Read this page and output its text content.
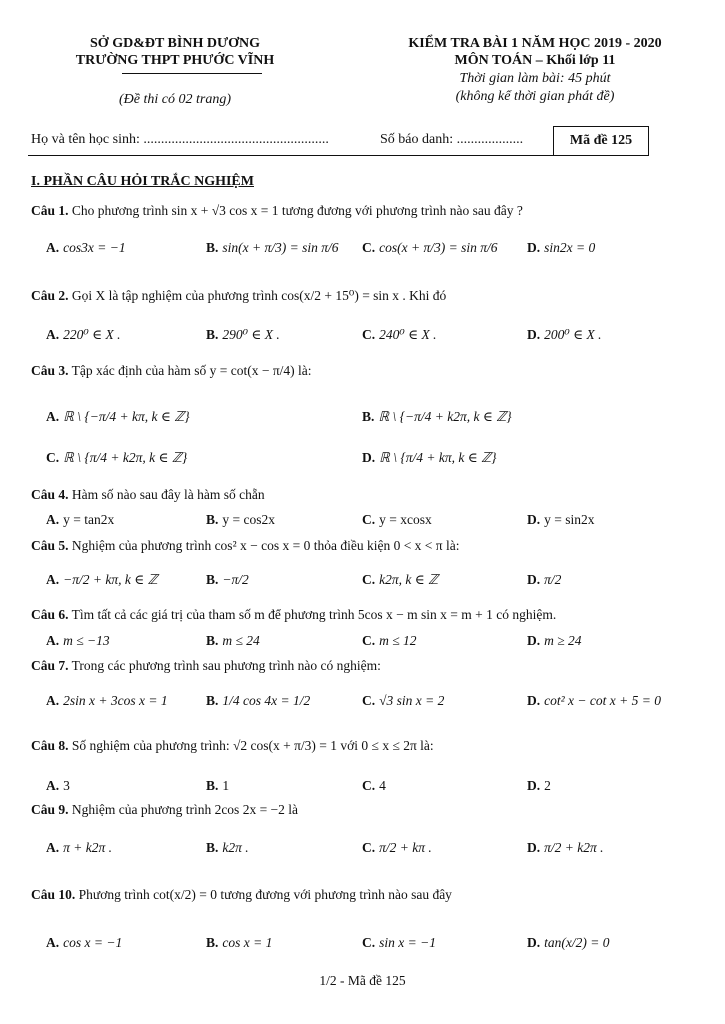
SỞ GD&ĐT BÌNH DƯƠNG
TRƯỜNG THPT PHƯỚC VĨNH
(Đề thi có 02 trang)
KIỂM TRA BÀI 1 NĂM HỌC 2019 - 2020
MÔN TOÁN – Khối lớp 11
Thời gian làm bài: 45 phút
(không kể thời gian phát đề)
Họ và tên học sinh: .....................................................	Số báo danh: ...................	Mã đề 125
I. PHẦN CÂU HỎI TRẮC NGHIỆM
Câu 1. Cho phương trình sin x + √3 cos x = 1 tương đương với phương trình nào sau đây ?
A. cos3x = −1	B. sin(x + π/3) = sin π/6 C. cos(x + π/3) = sin π/6 D. sin2x = 0
Câu 2. Gọi X là tập nghiệm của phương trình cos(x/2 + 15⁰) = sin x . Khi đó
A. 220⁰ ∈ X .	B. 290⁰ ∈ X .	C. 240⁰ ∈ X .	D. 200⁰ ∈ X .
Câu 3. Tập xác định của hàm số y = cot(x − π/4) là:
A. ℝ \ {−π/4 + kπ, k ∈ ℤ}	B. ℝ \ {−π/4 + k2π, k ∈ ℤ}
C. ℝ \ {π/4 + k2π, k ∈ ℤ}	D. ℝ \ {π/4 + kπ, k ∈ ℤ}
Câu 4. Hàm số nào sau đây là hàm số chẵn
A. y = tan2x	B. y = cos2x	C. y = xcosx	D. y = sin2x
Câu 5. Nghiệm của phương trình cos² x − cos x = 0 thỏa điều kiện 0 < x < π là:
A. −π/2 + kπ, k ∈ ℤ	B. −π/2	C. k2π, k ∈ ℤ	D. π/2
Câu 6. Tìm tất cả các giá trị của tham số m để phương trình 5cos x − m sin x = m + 1 có nghiệm.
A. m ≤ −13	B. m ≤ 24	C. m ≤ 12	D. m ≥ 24
Câu 7. Trong các phương trình sau phương trình nào có nghiệm:
A. 2sin x + 3cos x = 1	B. 1/4 cos 4x = 1/2	C. √3 sin x = 2	D. cot² x − cot x + 5 = 0
Câu 8. Số nghiệm của phương trình: √2 cos(x + π/3) = 1 với 0 ≤ x ≤ 2π là:
A. 3	B. 1	C. 4	D. 2
Câu 9. Nghiệm của phương trình 2cos 2x = −2 là
A. π + k2π .	B. k2π .	C. π/2 + kπ .	D. π/2 + k2π .
Câu 10. Phương trình cot(x/2) = 0 tương đương với phương trình nào sau đây
A. cos x = −1	B. cos x = 1	C. sin x = −1	D. tan(x/2) = 0
1/2 - Mã đề 125
